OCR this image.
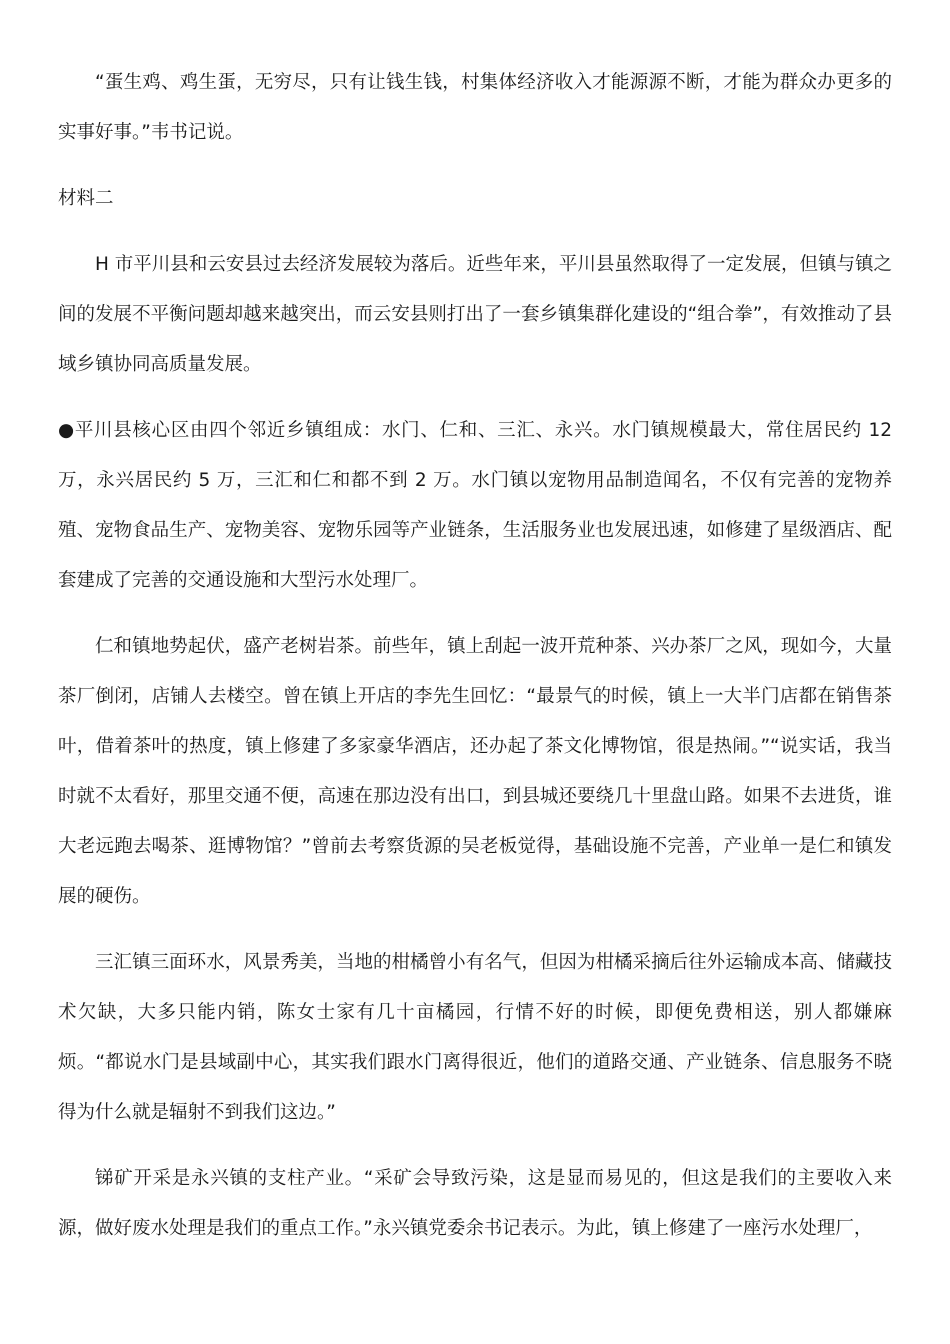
“蛋生鸡、鸡生蛋，无穷尽，只有让钱生钱，村集体经济收入才能源源不断，才能为群众办更多的实事好事。”韦书记说。

材料二

H 市平川县和云安县过去经济发展较为落后。近些年来，平川县虽然取得了一定发展，但镇与镇之间的发展不平衡问题却越来越突出，而云安县则打出了一套乡镇集群化建设的“组合拳”，有效推动了县域乡镇协同高质量发展。

●平川县核心区由四个邻近乡镇组成：水门、仁和、三汇、永兴。水门镇规模最大，常住居民约 12 万，永兴居民约 5 万，三汇和仁和都不到 2 万。水门镇以宠物用品制造闻名，不仅有完善的宠物养殖、宠物食品生产、宠物美容、宠物乐园等产业链条，生活服务业也发展迅速，如修建了星级酒店、配套建成了完善的交通设施和大型污水处理厂。

仁和镇地势起伏，盛产老树岩茶。前些年，镇上刮起一波开荒种茶、兴办茶厂之风，现如今，大量茶厂倒闭，店铺人去楼空。曾在镇上开店的李先生回忆：“最景气的时候，镇上一大半门店都在销售茶叶，借着茶叶的热度，镇上修建了多家豪华酒店，还办起了茶文化博物馆，很是热闹。”“说实话，我当时就不太看好，那里交通不便，高速在那边没有出口，到县城还要绕几十里盘山路。如果不去进货，谁大老远跑去喝茶、逛博物馆？”曾前去考察货源的吴老板觉得，基础设施不完善，产业单一是仁和镇发展的硬伤。

三汇镇三面环水，风景秀美，当地的柑橘曾小有名气，但因为柑橘采摘后往外运输成本高、储藏技术欠缺，大多只能内销，陈女士家有几十亩橘园，行情不好的时候，即便免费相送，别人都嫌麻烦。“都说水门是县域副中心，其实我们跟水门离得很近，他们的道路交通、产业链条、信息服务不晓得为什么就是辐射不到我们这边。”

锑矿开采是永兴镇的支柱产业。“采矿会导致污染，这是显而易见的，但这是我们的主要收入来源，做好废水处理是我们的重点工作。”永兴镇党委余书记表示。为此，镇上修建了一座污水处理厂，
